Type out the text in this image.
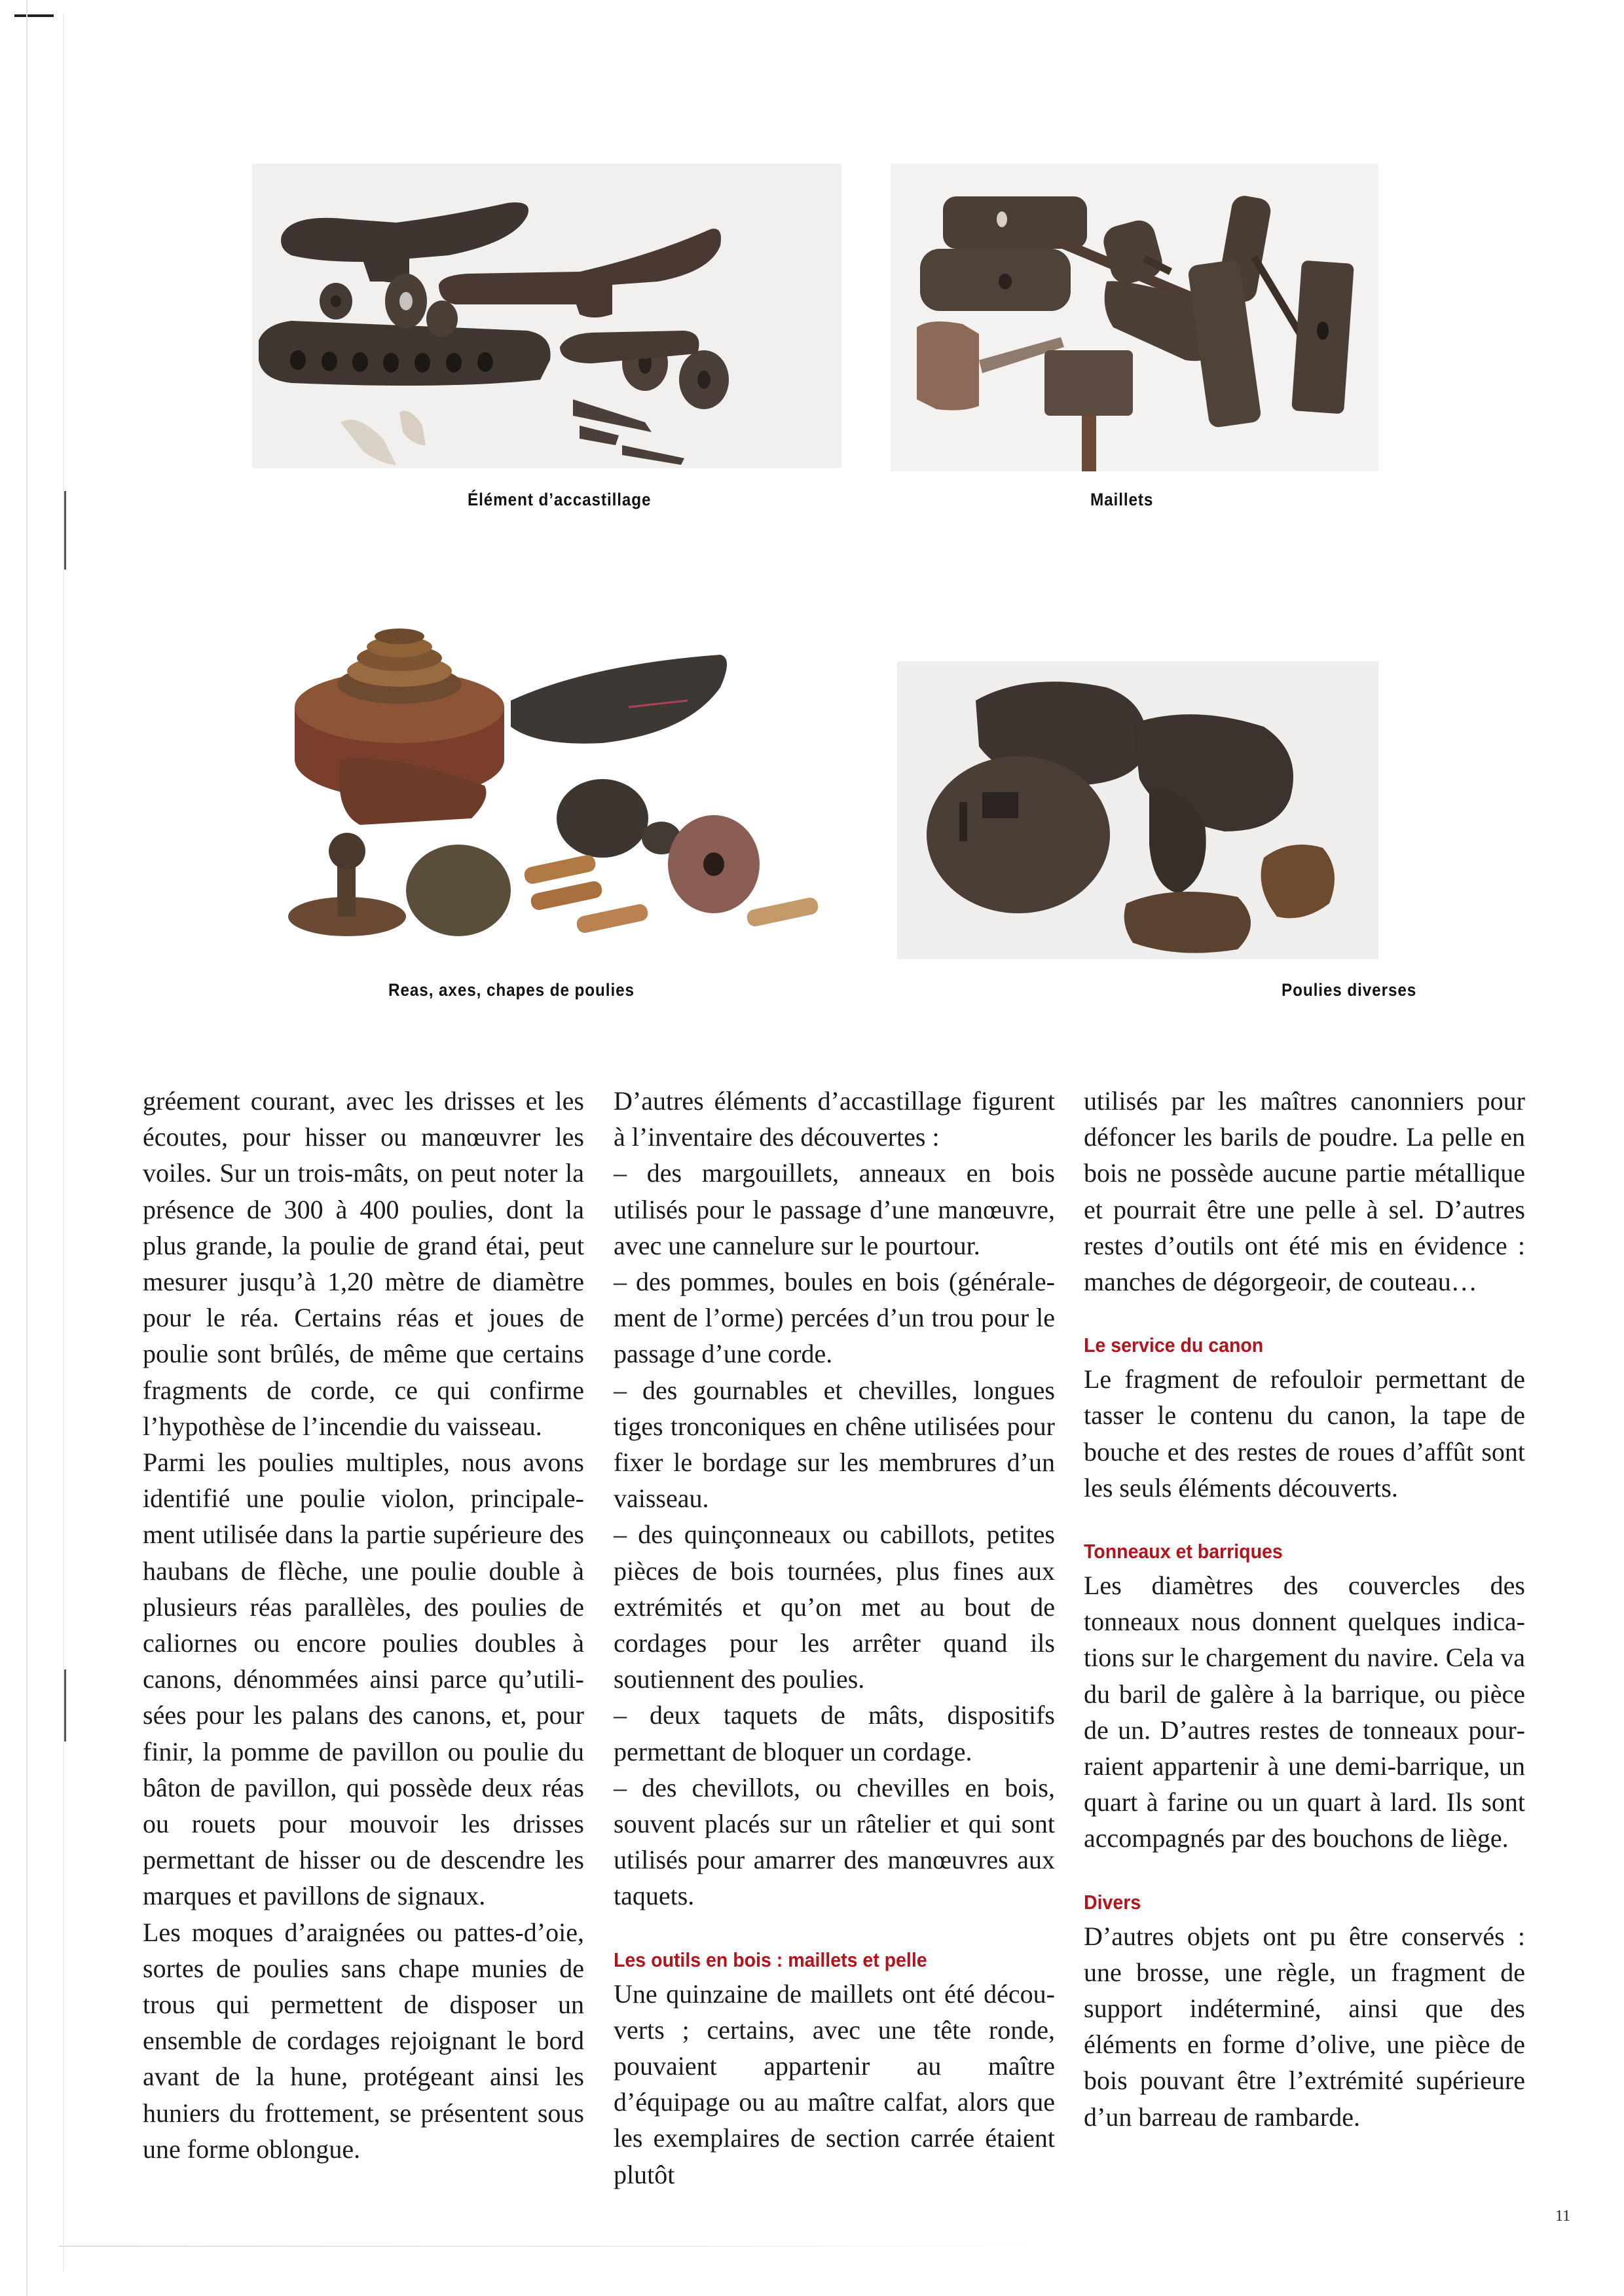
Élément d’accastillage	Maillets
Reas, axes, chapes de poulies	Poulies diverses

gréement courant, avec les drisses et les écoutes, pour hisser ou manœuvrer les voiles. Sur un trois-mâts, on peut noter la présence de 300 à 400 poulies, dont la plus grande, la poulie de grand étai, peut mesurer jusqu’à 1,20 mètre de diamètre pour le réa. Certains réas et joues de poulie sont brûlés, de même que certains fragments de corde, ce qui confirme l’hypothèse de l’incendie du vaisseau.

Parmi les poulies multiples, nous avons identifié une poulie violon, principalement utilisée dans la partie supérieure des haubans de flèche, une poulie double à plusieurs réas parallèles, des poulies de caliornes ou encore poulies doubles à canons, dénommées ainsi parce qu’utilisées pour les palans des canons, et, pour finir, la pomme de pavillon ou poulie du bâton de pavillon, qui possède deux réas ou rouets pour mouvoir les drisses permettant de hisser ou de descendre les marques et pavillons de signaux.

Les moques d’araignées ou pattes-d’oie, sortes de poulies sans chape munies de trous qui permettent de disposer un ensemble de cordages rejoignant le bord avant de la hune, protégeant ainsi les huniers du frottement, se présentent sous une forme oblongue.

D’autres éléments d’accastillage figurent à l’inventaire des découvertes :

– des margouillets, anneaux en bois utilisés pour le passage d’une manœuvre, avec une cannelure sur le pourtour.

– des pommes, boules en bois (généralement de l’orme) percées d’un trou pour le passage d’une corde.

– des gournables et chevilles, longues tiges tronconiques en chêne utilisées pour fixer le bordage sur les membrures d’un vaisseau.

– des quinçonneaux ou cabillots, petites pièces de bois tournées, plus fines aux extrémités et qu’on met au bout de cordages pour les arrêter quand ils soutiennent des poulies.

– deux taquets de mâts, dispositifs permettant de bloquer un cordage.

– des chevillots, ou chevilles en bois, souvent placés sur un râtelier et qui sont utilisés pour amarrer des manœuvres aux taquets.

Les outils en bois : maillets et pelle

Une quinzaine de maillets ont été découverts ; certains, avec une tête ronde, pouvaient appartenir au maître d’équipage ou au maître calfat, alors que les exemplaires de section carrée étaient plutôt

utilisés par les maîtres canonniers pour défoncer les barils de poudre. La pelle en bois ne possède aucune partie métallique et pourrait être une pelle à sel. D’autres restes d’outils ont été mis en évidence : manches de dégorgeoir, de couteau…

Le service du canon

Le fragment de refouloir permettant de tasser le contenu du canon, la tape de bouche et des restes de roues d’affût sont les seuls éléments découverts.

Tonneaux et barriques

Les diamètres des couvercles des tonneaux nous donnent quelques indications sur le chargement du navire. Cela va du baril de galère à la barrique, ou pièce de un. D’autres restes de tonneaux pourraient appartenir à une demi-barrique, un quart à farine ou un quart à lard. Ils sont accompagnés par des bouchons de liège.

Divers

D’autres objets ont pu être conservés : une brosse, une règle, un fragment de support indéterminé, ainsi que des éléments en forme d’olive, une pièce de bois pouvant être l’extrémité supérieure d’un barreau de rambarde.

11
